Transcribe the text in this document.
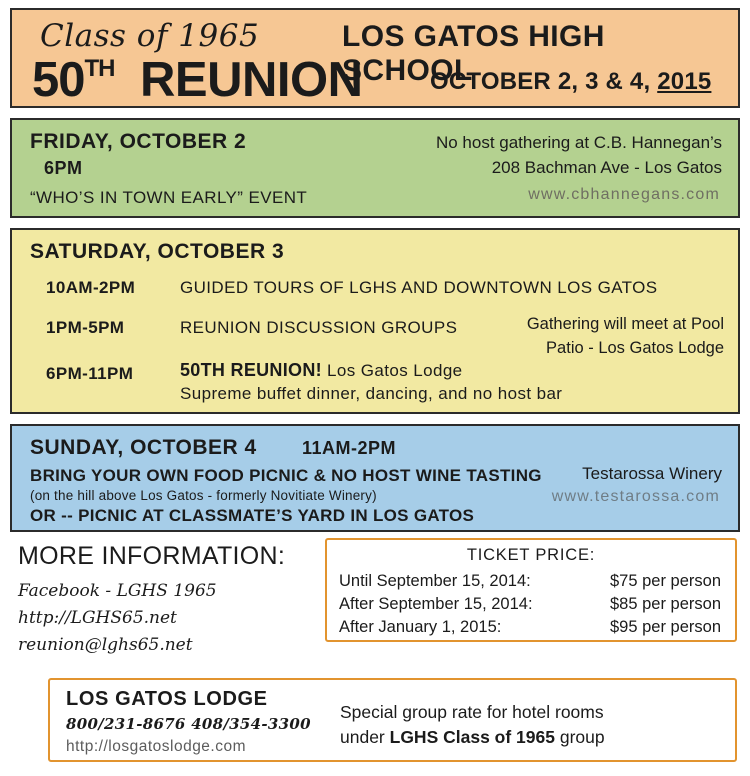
Class of 1965	LOS GATOS HIGH SCHOOL
50TH REUNION	OCTOBER 2, 3 & 4, 2015
FRIDAY, OCTOBER 2
6PM
“WHO’S IN TOWN EARLY” EVENT
No host gathering at C.B. Hannegan’s
208 Bachman Ave - Los Gatos
www.cbhannegans.com
SATURDAY, OCTOBER 3
10AM-2PM	GUIDED TOURS OF LGHS AND DOWNTOWN LOS GATOS
1PM-5PM	REUNION DISCUSSION GROUPS	Gathering will meet at Pool
Patio - Los Gatos Lodge
6PM-11PM	50TH REUNION! Los Gatos Lodge
Supreme buffet dinner, dancing, and no host bar
SUNDAY, OCTOBER 4	11AM-2PM
BRING YOUR OWN FOOD PICNIC & NO HOST WINE TASTING
(on the hill above Los Gatos - formerly Novitiate Winery)
OR -- PICNIC AT CLASSMATE’S YARD IN LOS GATOS
Testarossa Winery
www.testarossa.com
MORE INFORMATION:
Facebook - LGHS 1965
http://LGHS65.net
reunion@lghs65.net
TICKET PRICE:
Until September 15, 2014:	$75 per person
After September 15, 2014:	$85 per person
After January 1, 2015:	$95 per person
LOS GATOS LODGE
800/231-8676 408/354-3300
http://losgatoslodge.com
Special group rate for hotel rooms
under LGHS Class of 1965 group
